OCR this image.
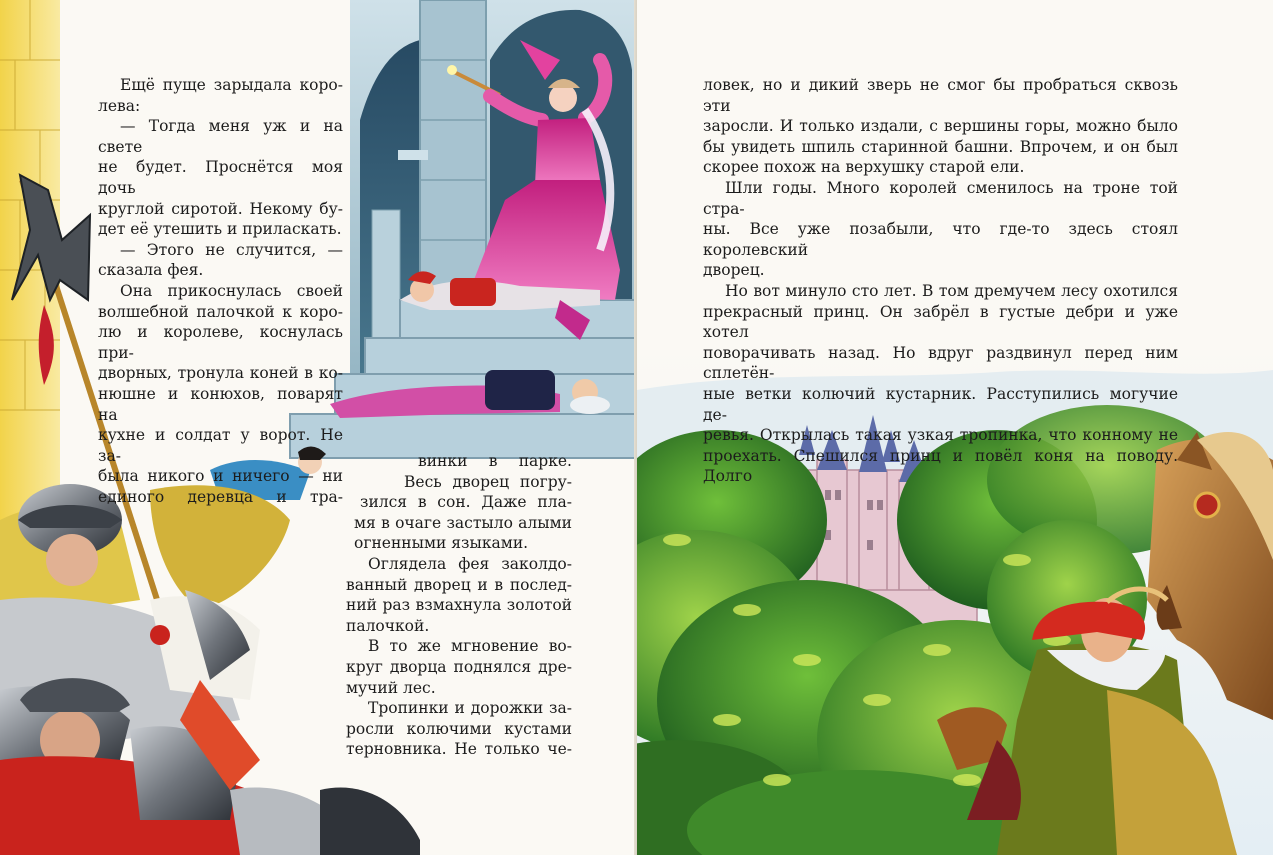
Ещё пуще зарыдала коро-

лева:

— Тогда меня уж и на свете

не будет. Проснётся моя дочь

круглой сиротой. Некому бу-

дет её утешить и приласкать.

— Этого не случится, —

сказала фея.

Она прикоснулась своей

волшебной палочкой к коро-

лю и королеве, коснулась при-

дворных, тронула коней в ко-

нюшне и конюхов, поварят на

кухне и солдат у ворот. Не за-

была никого и ничего — ни

единого деревца и тра-

винки в парке.

Весь дворец погру-

зился в сон. Даже пла-

мя в очаге застыло алыми

огненными языками.

Оглядела фея заколдо-

ванный дворец и в послед-

ний раз взмахнула золотой

палочкой.

В то же мгновение во-

круг дворца поднялся дре-

мучий лес.

Тропинки и дорожки за-

росли колючими кустами

терновника. Не только че-

ловек, но и дикий зверь не смог бы пробраться сквозь эти

заросли. И только издали, с вершины горы, можно было

бы увидеть шпиль старинной башни. Впрочем, и он был

скорее похож на верхушку старой ели.

Шли годы. Много королей сменилось на троне той стра-

ны. Все уже позабыли, что где-то здесь стоял королевский

дворец.

Но вот минуло сто лет. В том дремучем лесу охотился

прекрасный принц. Он забрёл в густые дебри и уже хотел

поворачивать назад. Но вдруг раздвинул перед ним сплетён-

ные ветки колючий кустарник. Расступились могучие де-

ревья. Открылась такая узкая тропинка, что конному не

проехать. Спешился принц и повёл коня на поводу. Долго
